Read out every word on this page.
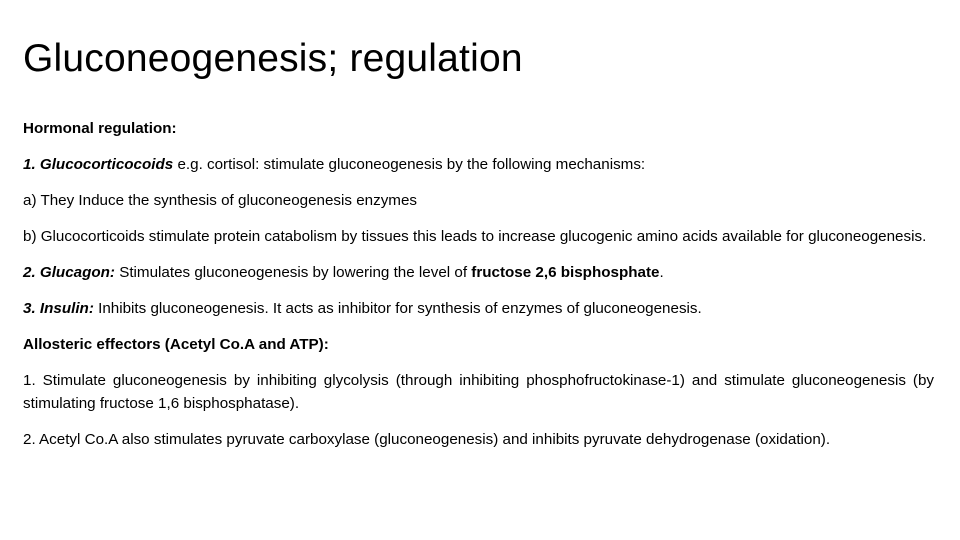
Gluconeogenesis; regulation

Hormonal regulation:

1. Glucocorticocoids e.g. cortisol: stimulate gluconeogenesis by the following mechanisms:

a) They Induce the synthesis of gluconeogenesis enzymes

b) Glucocorticoids stimulate protein catabolism by tissues this leads to increase glucogenic amino acids available for gluconeogenesis.

2. Glucagon: Stimulates gluconeogenesis by lowering the level of fructose 2,6 bisphosphate.

3. Insulin: Inhibits gluconeogenesis. It acts as inhibitor for synthesis of enzymes of gluconeogenesis.

Allosteric effectors (Acetyl Co.A and ATP):

1. Stimulate gluconeogenesis by inhibiting glycolysis (through inhibiting phosphofructokinase-1) and stimulate gluconeogenesis (by stimulating fructose 1,6 bisphosphatase).

2. Acetyl Co.A also stimulates pyruvate carboxylase (gluconeogenesis) and inhibits pyruvate dehydrogenase (oxidation).
